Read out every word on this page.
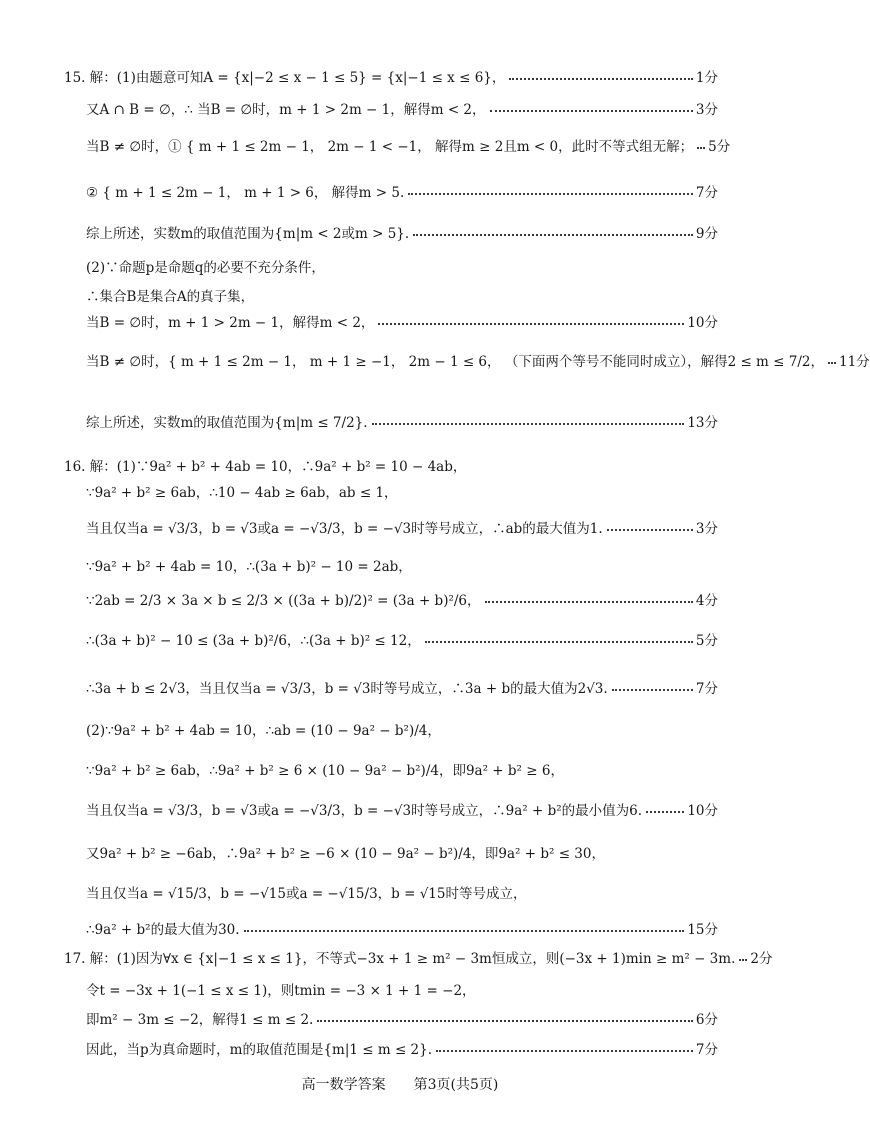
15. 解：(1)由题意可知A = {x|−2 ≤ x − 1 ≤ 5} = {x|−1 ≤ x ≤ 6}，	1分
又A ∩ B = ∅，∴ 当B = ∅时，m + 1 > 2m − 1，解得m < 2，	3分
当B ≠ ∅时，① { m + 1 ≤ 2m − 1， 2m − 1 < −1， 解得m ≥ 2且m < 0，此时不等式组无解； 5分
② { m + 1 ≤ 2m − 1， m + 1 > 6， 解得m > 5.	7分
综上所述，实数m的取值范围为{m|m < 2或m > 5}.	9分
(2)∵命题p是命题q的必要不充分条件，
∴集合B是集合A的真子集，
当B = ∅时，m + 1 > 2m − 1，解得m < 2，	10分
当B ≠ ∅时，{ m + 1 ≤ 2m − 1， m + 1 ≥ −1， 2m − 1 ≤ 6， （下面两个等号不能同时成立），解得2 ≤ m ≤ 7/2， 11分
综上所述，实数m的取值范围为{m|m ≤ 7/2}.	13分
16. 解：(1)∵9a² + b² + 4ab = 10，∴9a² + b² = 10 − 4ab，
∵9a² + b² ≥ 6ab，∴10 − 4ab ≥ 6ab，ab ≤ 1，
当且仅当a = √3/3，b = √3或a = −√3/3，b = −√3时等号成立，∴ab的最大值为1.	3分
∵9a² + b² + 4ab = 10，∴(3a + b)² − 10 = 2ab，
∵2ab = 2/3 × 3a × b ≤ 2/3 × ((3a + b)/2)² = (3a + b)²/6，	4分
∴(3a + b)² − 10 ≤ (3a + b)²/6，∴(3a + b)² ≤ 12，	5分
∴3a + b ≤ 2√3，当且仅当a = √3/3，b = √3时等号成立，∴3a + b的最大值为2√3.	7分
(2)∵9a² + b² + 4ab = 10，∴ab = (10 − 9a² − b²)/4，
∵9a² + b² ≥ 6ab，∴9a² + b² ≥ 6 × (10 − 9a² − b²)/4，即9a² + b² ≥ 6，
当且仅当a = √3/3，b = √3或a = −√3/3，b = −√3时等号成立，∴9a² + b²的最小值为6.	10分
又9a² + b² ≥ −6ab，∴9a² + b² ≥ −6 × (10 − 9a² − b²)/4，即9a² + b² ≤ 30，
当且仅当a = √15/3，b = −√15或a = −√15/3，b = √15时等号成立，
∴9a² + b²的最大值为30.	15分
17. 解：(1)因为∀x ∈ {x|−1 ≤ x ≤ 1}，不等式−3x + 1 ≥ m² − 3m恒成立，则(−3x + 1)min ≥ m² − 3m. 2分
令t = −3x + 1(−1 ≤ x ≤ 1)，则tmin = −3 × 1 + 1 = −2，
即m² − 3m ≤ −2，解得1 ≤ m ≤ 2.	6分
因此，当p为真命题时，m的取值范围是{m|1 ≤ m ≤ 2}.	7分
高一数学答案 第3页(共5页)
